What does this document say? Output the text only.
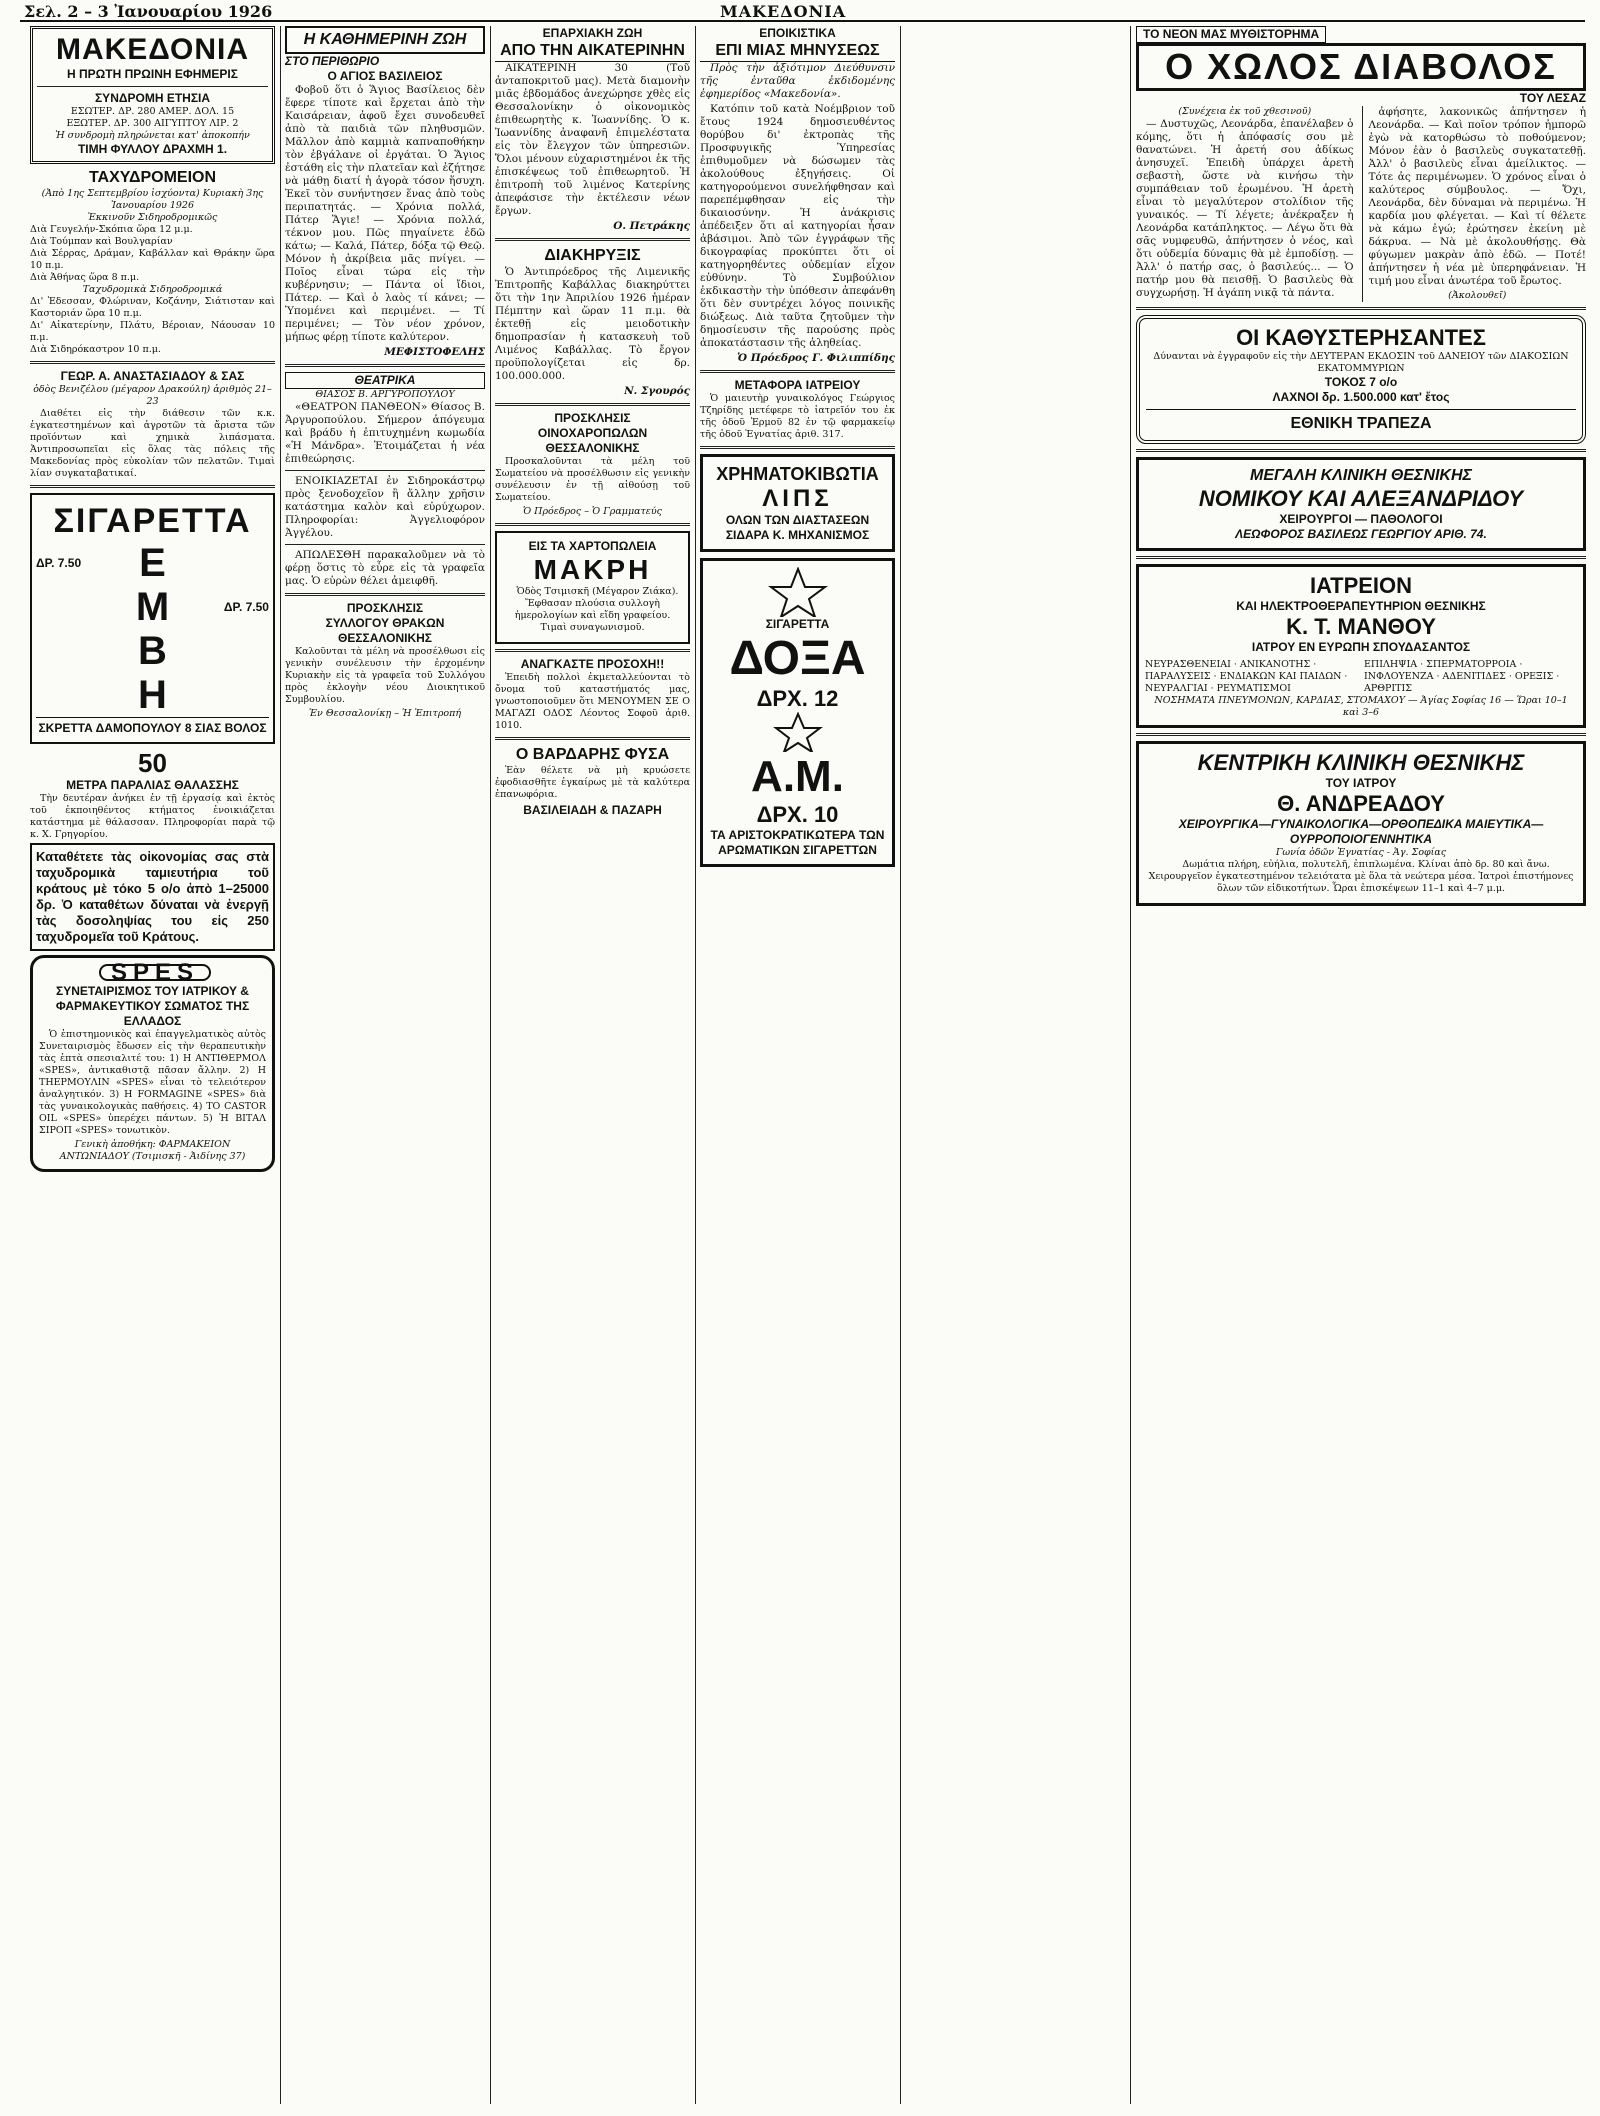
Σελ. 2 – 3 Ἰανουαρίου 1926	ΜΑΚΕΔΟΝΙΑ
ΜΑΚΕΔΟΝΙΑ
Η ΠΡΩΤΗ ΠΡΩΙΝΗ ΕΦΗΜΕΡΙΣ
ΣΥΝΔΡΟΜΗ ΕΤΗΣΙΑ
ΕΣΩΤΕΡ. ΔΡ. 280 ΑΜΕΡ. ΔΟΛ. 15
ΕΞΩΤΕΡ. ΔΡ. 300 ΑΙΓΥΠΤΟΥ ΛΙΡ. 2
Ἡ συνδρομὴ πληρώνεται κατ' ἀποκοπήν
ΤΙΜΗ ΦΥΛΛΟΥ ΔΡΑΧΜΗ 1.
ΤΑΧΥΔΡΟΜΕΙΟΝ
(Ἀπὸ 1ης Σεπτεμβρίου ἰσχύοντα) Κυριακὴ 3ης Ἰανουαρίου 1926
Ἐκκινοῦν Σιδηροδρομικῶς
Διὰ Γευγελήν-Σκόπια ὥρα 12 μ.μ.
Διὰ Τούμπαν καὶ Βουλγαρίαν
Διὰ Σέρρας, Δράμαν, Καβάλλαν καὶ Θράκην ὥρα 10 π.μ.
Διὰ Ἀθήνας ὥρα 8 π.μ.
Ταχυδρομικὰ Σιδηροδρομικά
Δι' Ἐδεσσαν, Φλώριναν, Κοζάνην, Σιάτισταν καὶ Καστοριάν ὥρα 10 π.μ.
Δι' Αἰκατερίνην, Πλάτυ, Βέροιαν, Νάουσαν 10 π.μ.
Διὰ Σιδηρόκαστρον 10 π.μ.
ΓΕΩΡ. Α. ΑΝΑΣΤΑΣΙΑΔΟΥ & ΣΑΣ
ὁδὸς Βενιζέλου (μέγαρον Δρακούλη) ἀριθμὸς 21–23

Διαθέτει εἰς τὴν διάθεσιν τῶν κ.κ. ἐγκατεστημένων καὶ ἀγροτῶν τὰ ἄριστα τῶν προϊόντων καὶ χημικὰ λιπάσματα. Ἀντιπροσωπεῖαι εἰς ὅλας τὰς πόλεις τῆς Μακεδονίας πρὸς εὐκολίαν τῶν πελατῶν. Τιμαὶ λίαν συγκαταβατικαί.

ΣΙΓΑΡΕΤΤΑ
ΔΡ. 7.50 Ε
Μ	ΔΡ. 7.50
Β
Η
ΣΚΡΕΤΤΑ ΔΑΜΟΠΟΥΛΟΥ 8 ΣΙΑΣ ΒΟΛΟΣ
50
ΜΕΤΡΑ ΠΑΡΑΛΙΑΣ ΘΑΛΑΣΣΗΣ

Τὴν δευτέραν ἀνήκει ἐν τῇ ἐργασίᾳ καὶ ἐκτὸς τοῦ ἐκποιηθέντος κτήματος ἐνοικιάζεται κατάστημα μὲ θάλασσαν. Πληροφορίαι παρὰ τῷ κ. Χ. Γρηγορίου.

Καταθέτετε τὰς οἰκονομίας σας στὰ ταχυδρομικὰ ταμιευτήρια τοῦ κράτους μὲ τόκο 5 ο/ο ἀπὸ 1–25000 δρ. Ὁ καταθέτων δύναται νὰ ἐνεργῇ τὰς δοσοληψίας του εἰς 250 ταχυδρομεῖα τοῦ Κράτους.
SPES
ΣΥΝΕΤΑΙΡΙΣΜΟΣ ΤΟΥ ΙΑΤΡΙΚΟΥ & ΦΑΡΜΑΚΕΥΤΙΚΟΥ ΣΩΜΑΤΟΣ ΤΗΣ ΕΛΛΑΔΟΣ

Ὁ ἐπιστημονικὸς καὶ ἐπαγγελματικὸς αὐτὸς Συνεταιρισμὸς ἔδωσεν εἰς τὴν θεραπευτικὴν τὰς ἑπτὰ σπεσιαλιτέ του: 1) Η ΑΝΤΙΘΕΡΜΟΛ «SPES», ἀντικαθιστᾷ πᾶσαν ἄλλην. 2) Η ΤΗΕΡΜΟΥΛΙΝ «SPES» εἶναι τὸ τελειότερον ἀναλγητικόν. 3) Η FORMAGINE «SPES» διὰ τὰς γυναικολογικὰς παθήσεις. 4) ΤΟ CASTOR OIL «SPES» ὑπερέχει πάντων. 5) Ἡ ΒΙΤΑΛ ΣΙΡΟΠ «SPES» τονωτικὸν.

Γενικὴ ἀποθήκη: ΦΑΡΜΑΚΕΙΟΝ ΑΝΤΩΝΙΑΔΟΥ (Τσιμισκῆ - Ἀιδίνης 37)
Η ΚΑΘΗΜΕΡΙΝΗ ΖΩΗ
ΣΤΟ ΠΕΡΙΘΩΡΙΟ
Ο ΑΓΙΟΣ ΒΑΣΙΛΕΙΟΣ

Φοβοῦ ὅτι ὁ Ἅγιος Βασίλειος δὲν ἔφερε τίποτε καὶ ἔρχεται ἀπὸ τὴν Καισάρειαν, ἀφοῦ ἔχει συνοδευθεῖ ἀπὸ τὰ παιδιὰ τῶν πληθυσμῶν. Μᾶλλον ἀπὸ καμμιὰ καπναποθήκην τὸν ἐβγάλανε οἱ ἐργάται. Ὁ Ἅγιος ἐστάθη εἰς τὴν πλατεῖαν καὶ ἐζήτησε νὰ μάθῃ διατί ἡ ἀγορὰ τόσον ἥσυχη. Ἐκεῖ τὸν συνήντησεν ἕνας ἀπὸ τοὺς περιπατητάς. — Χρόνια πολλά, Πάτερ Ἅγιε! — Χρόνια πολλά, τέκνον μου. Πῶς πηγαίνετε ἐδῶ κάτω; — Καλά, Πάτερ, δόξα τῷ Θεῷ. Μόνον ἡ ἀκρίβεια μᾶς πνίγει. — Ποῖος εἶναι τώρα εἰς τὴν κυβέρνησιν; — Πάντα οἱ ἴδιοι, Πάτερ. — Καὶ ὁ λαὸς τί κάνει; — Ὑπομένει καὶ περιμένει. — Τί περιμένει; — Τὸν νέον χρόνον, μήπως φέρῃ τίποτε καλύτερον.

ΜΕΦΙΣΤΟΦΕΛΗΣ
ΘΕΑΤΡΙΚΑ
ΘΙΑΣΟΣ Β. ΑΡΓΥΡΟΠΟΥΛΟΥ

«ΘΕΑΤΡΟΝ ΠΑΝΘΕΟΝ» Θίασος Β. Ἀργυροπούλου. Σήμερον ἀπόγευμα καὶ βράδυ ἡ ἐπιτυχημένη κωμωδία «Ἡ Μάνδρα». Ἑτοιμάζεται ἡ νέα ἐπιθεώρησις.

ΕΝΟΙΚΙΑΖΕΤΑΙ ἐν Σιδηροκάστρῳ πρὸς ξενοδοχεῖον ἢ ἄλλην χρῆσιν κατάστημα καλὸν καὶ εὐρύχωρον. Πληροφορίαι: Ἀγγελιοφόρον Ἀγγέλου.

ΑΠΩΛΕΣΘΗ παρακαλοῦμεν νὰ τὸ φέρῃ ὅστις τὸ εὗρε εἰς τὰ γραφεῖα μας. Ὁ εὑρὼν θέλει ἀμειφθῆ.

ΠΡΟΣΚΛΗΣΙΣ
ΣΥΛΛΟΓΟΥ ΘΡΑΚΩΝ ΘΕΣΣΑΛΟΝΙΚΗΣ

Καλοῦνται τὰ μέλη νὰ προσέλθωσι εἰς γενικὴν συνέλευσιν τὴν ἐρχομένην Κυριακὴν εἰς τὰ γραφεῖα τοῦ Συλλόγου πρὸς ἐκλογὴν νέου Διοικητικοῦ Συμβουλίου.

Ἐν Θεσσαλονίκῃ – Ἡ Ἐπιτροπή
ΕΠΑΡΧΙΑΚΗ ΖΩΗ
ΑΠΟ ΤΗΝ ΑΙΚΑΤΕΡΙΝΗΝ

ΑΙΚΑΤΕΡΙΝΗ 30 (Τοῦ ἀνταποκριτοῦ μας). Μετὰ διαμονὴν μιᾶς ἑβδομάδος ἀνεχώρησε χθὲς εἰς Θεσσαλονίκην ὁ οἰκονομικὸς ἐπιθεωρητὴς κ. Ἰωαννίδης. Ὁ κ. Ἰωαννίδης ἀναφανῆ ἐπιμελέστατα εἰς τὸν ἔλεγχον τῶν ὑπηρεσιῶν. Ὅλοι μένουν εὐχαριστημένοι ἐκ τῆς ἐπισκέψεως τοῦ ἐπιθεωρητοῦ. Ἡ ἐπιτροπὴ τοῦ λιμένος Κατερίνης ἀπεφάσισε τὴν ἐκτέλεσιν νέων ἔργων.

Ο. Πετράκης
ΔΙΑΚΗΡΥΞΙΣ

Ὁ Ἀντιπρόεδρος τῆς Λιμενικῆς Ἐπιτροπῆς Καβάλλας διακηρύττει ὅτι τὴν 1ην Ἀπριλίου 1926 ἡμέραν Πέμπτην καὶ ὥραν 11 π.μ. θὰ ἐκτεθῇ εἰς μειοδοτικὴν δημοπρασίαν ἡ κατασκευὴ τοῦ Λιμένος Καβάλλας. Τὸ ἔργον προϋπολογίζεται εἰς δρ. 100.000.000.

Ν. Σγουρός
ΠΡΟΣΚΛΗΣΙΣ
ΟΙΝΟΧΑΡΟΠΩΛΩΝ ΘΕΣΣΑΛΟΝΙΚΗΣ

Προσκαλοῦνται τὰ μέλη τοῦ Σωματείου νὰ προσέλθωσιν εἰς γενικὴν συνέλευσιν ἐν τῇ αἰθούσῃ τοῦ Σωματείου.

Ὁ Πρόεδρος – Ὁ Γραμματεύς
ΕΙΣ ΤΑ ΧΑΡΤΟΠΩΛΕΙΑ
ΜΑΚΡΗ

Ὁδὸς Τσιμισκῆ (Μέγαρον Ζιάκα). Ἔφθασαν πλούσια συλλογὴ ἡμερολογίων καὶ εἴδη γραφείου. Τιμαὶ συναγωνισμοῦ.

ΑΝΑΓΚΑΣΤΕ ΠΡΟΣΟΧΗ!!

Ἐπειδὴ πολλοὶ ἐκμεταλλεύονται τὸ ὄνομα τοῦ καταστήματός μας, γνωστοποιοῦμεν ὅτι ΜΕΝΟΥΜΕΝ ΣΕ Ο ΜΑΓΑΖΙ ΟΔΟΣ Λέοντος Σοφοῦ ἀριθ. 1010.

Ο ΒΑΡΔΑΡΗΣ ΦΥΣΑ

Ἐὰν θέλετε νὰ μὴ κρυώσετε ἐφοδιασθῆτε ἐγκαίρως μὲ τὰ καλύτερα ἐπανωφόρια.

ΒΑΣΙΛΕΙΑΔΗ & ΠΑΖΑΡΗ
ΕΠΟΙΚΙΣΤΙΚΑ
ΕΠΙ ΜΙΑΣ ΜΗΝΥΣΕΩΣ

Πρὸς τὴν ἀξιότιμον Διεύθυνσιν τῆς ἐνταῦθα ἐκδιδομένης ἐφημερίδος «Μακεδονία».

Κατόπιν τοῦ κατὰ Νοέμβριον τοῦ ἔτους 1924 δημοσιευθέντος θορύβου δι' ἐκτροπὰς τῆς Προσφυγικῆς Ὑπηρεσίας ἐπιθυμοῦμεν νὰ δώσωμεν τὰς ἀκολούθους ἐξηγήσεις. Οἱ κατηγορούμενοι συνελήφθησαν καὶ παρεπέμφθησαν εἰς τὴν δικαιοσύνην. Ἡ ἀνάκρισις ἀπέδειξεν ὅτι αἱ κατηγορίαι ἦσαν ἀβάσιμοι. Ἀπὸ τῶν ἐγγράφων τῆς δικογραφίας προκύπτει ὅτι οἱ κατηγορηθέντες οὐδεμίαν εἶχον εὐθύνην. Τὸ Συμβούλιον ἐκδικαστὴν τὴν ὑπόθεσιν ἀπεφάνθη ὅτι δὲν συντρέχει λόγος ποινικῆς διώξεως. Διὰ ταῦτα ζητοῦμεν τὴν δημοσίευσιν τῆς παρούσης πρὸς ἀποκατάστασιν τῆς ἀληθείας.

Ὁ Πρόεδρος Γ. Φιλιππίδης
ΜΕΤΑΦΟΡΑ ΙΑΤΡΕΙΟΥ

Ὁ μαιευτὴρ γυναικολόγος Γεώργιος Τζηρίδης μετέφερε τὸ ἰατρεῖόν του ἐκ τῆς ὁδοῦ Ἑρμοῦ 82 ἐν τῷ φαρμακείῳ τῆς ὁδοῦ Ἐγνατίας ἀριθ. 317.

ΧΡΗΜΑΤΟΚΙΒΩΤΙΑ
ΛΙΠΣ
ΟΛΩΝ ΤΩΝ ΔΙΑΣΤΑΣΕΩΝ ΣΙΔΑΡΑ Κ. ΜΗΧΑΝΙΣΜΟΣ
ΣΙΓΑΡΕΤΤΑ
ΔΟΞΑ
ΔΡΧ. 12
Α.Μ.
ΔΡΧ. 10
ΤΑ ΑΡΙΣΤΟΚΡΑΤΙΚΩΤΕΡΑ ΤΩΝ ΑΡΩΜΑΤΙΚΩΝ ΣΙΓΑΡΕΤΤΩΝ
ΤΟ ΝΕΟΝ ΜΑΣ ΜΥΘΙΣΤΟΡΗΜΑ
Ο ΧΩΛΟΣ ΔΙΑΒΟΛΟΣ
ΤΟΥ ΛΕΣΑΖ
(Συνέχεια ἐκ τοῦ χθεσινοῦ)

— Δυστυχῶς, Λεονάρδα, ἐπανέλαβεν ὁ κόμης, ὅτι ἡ ἀπόφασίς σου μὲ θανατώνει. Ἡ ἀρετή σου ἀδίκως ἀνησυχεῖ. Ἐπειδὴ ὑπάρχει ἀρετὴ σεβαστὴ, ὥστε νὰ κινήσω τὴν συμπάθειαν τοῦ ἐρωμένου. Ἡ ἀρετὴ εἶναι τὸ μεγαλύτερον στολίδιον τῆς γυναικός. — Τί λέγετε; ἀνέκραξεν ἡ Λεονάρδα κατάπληκτος. — Λέγω ὅτι θὰ σᾶς νυμφευθῶ, ἀπήντησεν ὁ νέος, καὶ ὅτι οὐδεμία δύναμις θὰ μὲ ἐμποδίσῃ. — Ἀλλ' ὁ πατήρ σας, ὁ βασιλεύς... — Ὁ πατήρ μου θὰ πεισθῇ. Ὁ βασιλεὺς θὰ συγχωρήσῃ. Ἡ ἀγάπη νικᾷ τὰ πάντα.

ἀφήσητε, λακονικῶς ἀπήντησεν ἡ Λεονάρδα. — Καὶ ποῖον τρόπον ἠμπορῶ ἐγὼ νὰ κατορθώσω τὸ ποθούμενον; Μόνον ἐὰν ὁ βασιλεὺς συγκατατεθῇ. Ἀλλ' ὁ βασιλεὺς εἶναι ἀμείλικτος. — Τότε ἀς περιμένωμεν. Ὁ χρόνος εἶναι ὁ καλύτερος σύμβουλος. — Ὄχι, Λεονάρδα, δὲν δύναμαι νὰ περιμένω. Ἡ καρδία μου φλέγεται. — Καὶ τί θέλετε νὰ κάμω ἐγώ; ἐρώτησεν ἐκείνη μὲ δάκρυα. — Νὰ μὲ ἀκολουθήσῃς. Θὰ φύγωμεν μακρὰν ἀπὸ ἐδῶ. — Ποτέ! ἀπήντησεν ἡ νέα μὲ ὑπερηφάνειαν. Ἡ τιμή μου εἶναι ἀνωτέρα τοῦ ἔρωτος.

(Ἀκολουθεῖ)
ΟΙ ΚΑΘΥΣΤΕΡΗΣΑΝΤΕΣ
Δύνανται νὰ ἐγγραφοῦν εἰς τὴν ΔΕΥΤΕΡΑΝ ΕΚΔΟΣΙΝ τοῦ ΔΑΝΕΙΟΥ τῶν ΔΙΑΚΟΣΙΩΝ ΕΚΑΤΟΜΜΥΡΙΩΝ
ΤΟΚΟΣ 7 ο/ο
ΛΑΧΝΟΙ δρ. 1.500.000 κατ' ἔτος
ΕΘΝΙΚΗ ΤΡΑΠΕΖΑ
ΜΕΓΑΛΗ ΚΛΙΝΙΚΗ ΘΕΣΝΙΚΗΣ
ΝΟΜΙΚΟΥ ΚΑΙ ΑΛΕΞΑΝΔΡΙΔΟΥ
ΧΕΙΡΟΥΡΓΟΙ — ΠΑΘΟΛΟΓΟΙ
ΛΕΩΦΟΡΟΣ ΒΑΣΙΛΕΩΣ ΓΕΩΡΓΙΟΥ ΑΡΙΘ. 74.
ΙΑΤΡΕΙΟΝ
ΚΑΙ ΗΛΕΚΤΡΟΘΕΡΑΠΕΥΤΗΡΙΟΝ ΘΕΣΝΙΚΗΣ
Κ. Τ. ΜΑΝΘΟΥ
ΙΑΤΡΟΥ ΕΝ ΕΥΡΩΠΗ ΣΠΟΥΔΑΣΑΝΤΟΣ
ΝΕΥΡΑΣΘΕΝΕΙΑΙ · ΑΝΙΚΑΝΟΤΗΣ · ΠΑΡΑΛΥΣΕΙΣ · ΕΝΔΙΑΚΩΝ ΚΑΙ ΠΑΙΔΩΝ · ΝΕΥΡΑΛΓΙΑΙ · ΡΕΥΜΑΤΙΣΜΟΙ
ΕΠΙΛΗΨΙΑ · ΣΠΕΡΜΑΤΟΡΡΟΙΑ · ΙΝΦΛΟΥΕΝΖΑ · ΑΔΕΝΙΤΙΔΕΣ · ΟΡΕΞΙΣ · ΑΡΘΡΙΤΙΣ
ΝΟΣΗΜΑΤΑ ΠΝΕΥΜΟΝΩΝ, ΚΑΡΔΙΑΣ, ΣΤΟΜΑΧΟΥ — Ἀγίας Σοφίας 16 — Ὥραι 10–1 καὶ 3–6
ΚΕΝΤΡΙΚΗ ΚΛΙΝΙΚΗ ΘΕΣΝΙΚΗΣ
ΤΟΥ ΙΑΤΡΟΥ
Θ. ΑΝΔΡΕΑΔΟΥ
ΧΕΙΡΟΥΡΓΙΚΑ—ΓΥΝΑΙΚΟΛΟΓΙΚΑ—ΟΡΘΟΠΕΔΙΚΑ ΜΑΙΕΥΤΙΚΑ—ΟΥΡΡΟΠΟΙΟΓΕΝΝΗΤΙΚΑ
Γωνία ὁδῶν Ἐγνατίας - Ἁγ. Σοφίας

Δωμάτια πλήρη, εὐήλια, πολυτελῆ, ἐπιπλωμένα. Κλίναι ἀπὸ δρ. 80 καὶ ἄνω. Χειρουργεῖον ἐγκατεστημένον τελειότατα μὲ ὅλα τὰ νεώτερα μέσα. Ἰατροὶ ἐπιστήμονες ὅλων τῶν εἰδικοτήτων. Ὧραι ἐπισκέψεων 11–1 καὶ 4–7 μ.μ.
